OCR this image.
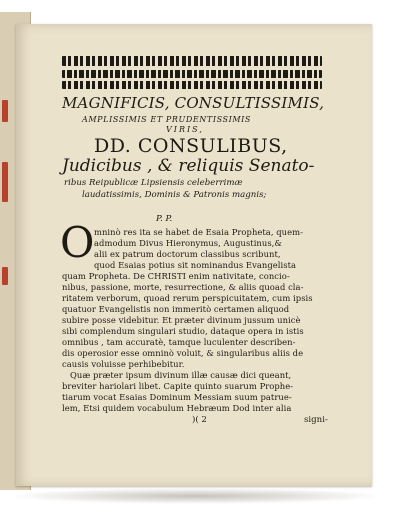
MAGNIFICIS, CONSULTISSIMIS,
AMPLISSIMIS ET PRUDENTISSIMIS
VIRIS,
DD. CONSULIBUS,
Judicibus , & reliquis Senato-
ribus Reipublicæ Lipsiensis celeberrimæ
laudatissimis, Dominis & Patronis magnis;
P. P.
O mninò res ita se habet de Esaia Propheta, quem-
admodum Divus Hieronymus, Augustinus,&
alii ex patrum doctorum classibus scribunt,
quod Esaias potius sit nominandus Evangelista
quam Propheta. De CHRISTI enim nativitate, concio-
nibus, passione, morte, resurrectione, & aliis quoad cla-
ritatem verborum, quoad rerum perspicuitatem, cum ipsis
quatuor Evangelistis non immeritò certamen aliquod
subire posse videbitur. Et præter divinum jussum unicè
sibi complendum singulari studio, dataque opera in istis
omnibus , tam accuratè, tamque luculenter describen-
dis operosior esse omninò voluit, & singularibus aliis de
causis voluisse perhibebitur.
Quæ præter ipsum divinum illæ causæ dici queant,
breviter hariolari libet. Capite quinto suarum Prophe-
tiarum vocat Esaias Dominum Messiam suum patrue-
lem, Etsi quidem vocabulum Hebræum Dod inter alia
)( 2	signi-
